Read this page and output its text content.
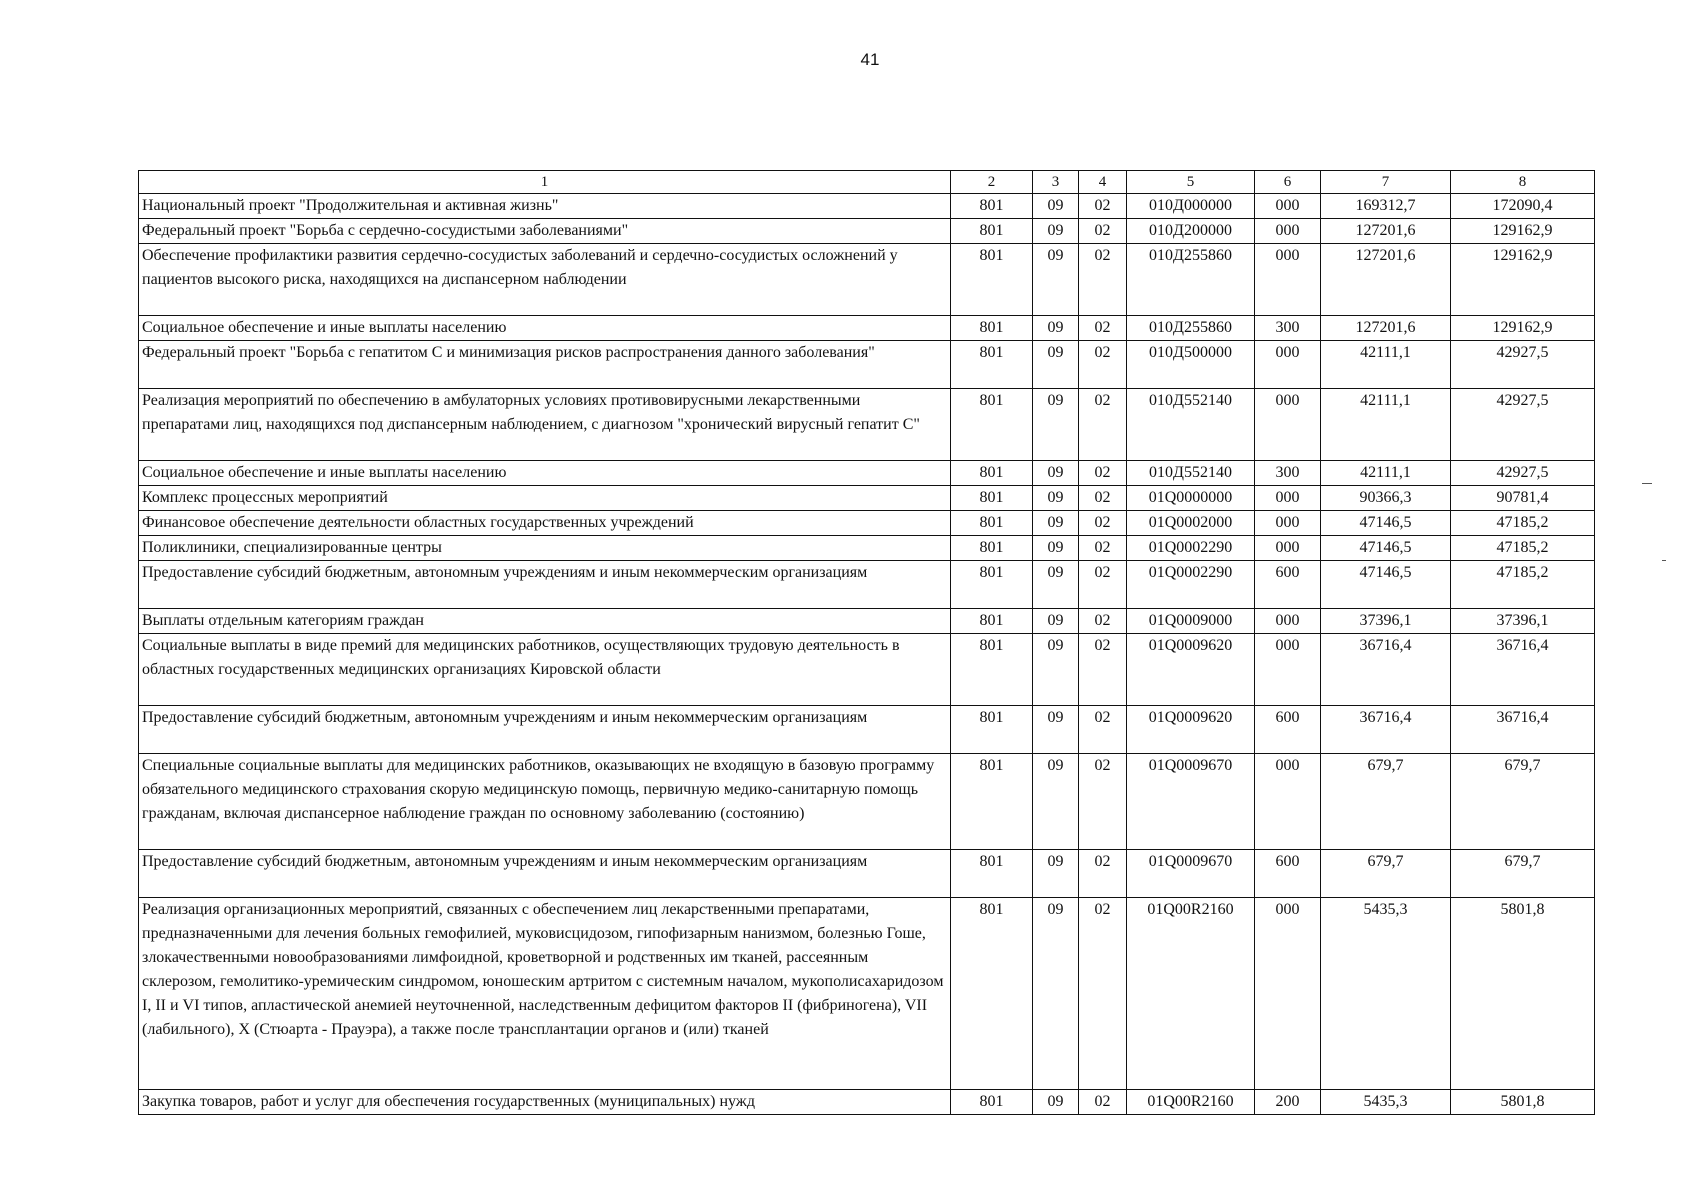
41
1	2	3	4	5	6	7	8
Национальный проект "Продолжительная и активная жизнь"	801	09	02	010Д000000	000	169312,7	172090,4
Федеральный проект "Борьба с сердечно-сосудистыми заболеваниями"	801	09	02	010Д200000	000	127201,6	129162,9
Обеспечение профилактики развития сердечно-сосудистых заболеваний и сердечно-сосудистых осложнений у пациентов высокого риска, находящихся на диспансерном наблюдении	801	09	02	010Д255860	000	127201,6	129162,9
Социальное обеспечение и иные выплаты населению	801	09	02	010Д255860	300	127201,6	129162,9
Федеральный проект "Борьба с гепатитом С и минимизация рисков распространения данного заболевания"	801	09	02	010Д500000	000	42111,1	42927,5
Реализация мероприятий по обеспечению в амбулаторных условиях противовирусными лекарственными препаратами лиц, находящихся под диспансерным наблюдением, с диагнозом "хронический вирусный гепатит С"	801	09	02	010Д552140	000	42111,1	42927,5
Социальное обеспечение и иные выплаты населению	801	09	02	010Д552140	300	42111,1	42927,5
Комплекс процессных мероприятий	801	09	02	01Q0000000	000	90366,3	90781,4
Финансовое обеспечение деятельности областных государственных учреждений	801	09	02	01Q0002000	000	47146,5	47185,2
Поликлиники, специализированные центры	801	09	02	01Q0002290	000	47146,5	47185,2
Предоставление субсидий бюджетным, автономным учреждениям и иным некоммерческим организациям	801	09	02	01Q0002290	600	47146,5	47185,2
Выплаты отдельным категориям граждан	801	09	02	01Q0009000	000	37396,1	37396,1
Социальные выплаты в виде премий для медицинских работников, осуществляющих трудовую деятельность в областных государственных медицинских организациях Кировской области	801	09	02	01Q0009620	000	36716,4	36716,4
Предоставление субсидий бюджетным, автономным учреждениям и иным некоммерческим организациям	801	09	02	01Q0009620	600	36716,4	36716,4
Специальные социальные выплаты для медицинских работников, оказывающих не входящую в базовую программу обязательного медицинского страхования скорую медицинскую помощь, первичную медико-санитарную помощь гражданам, включая диспансерное наблюдение граждан по основному заболеванию (состоянию)	801	09	02	01Q0009670	000	679,7	679,7
Предоставление субсидий бюджетным, автономным учреждениям и иным некоммерческим организациям	801	09	02	01Q0009670	600	679,7	679,7
Реализация организационных мероприятий, связанных с обеспечением лиц лекарственными препаратами, предназначенными для лечения больных гемофилией, муковисцидозом, гипофизарным нанизмом, болезнью Гоше, злокачественными новообразованиями лимфоидной, кроветворной и родственных им тканей, рассеянным склерозом, гемолитико-уремическим синдромом, юношеским артритом с системным началом, мукополисахаридозом I, II и VI типов, апластической анемией неуточненной, наследственным дефицитом факторов II (фибриногена), VII (лабильного), X (Стюарта - Прауэра), а также после трансплантации органов и (или) тканей	801	09	02	01Q00R2160	000	5435,3	5801,8
Закупка товаров, работ и услуг для обеспечения государственных (муниципальных) нужд	801	09	02	01Q00R2160	200	5435,3	5801,8
